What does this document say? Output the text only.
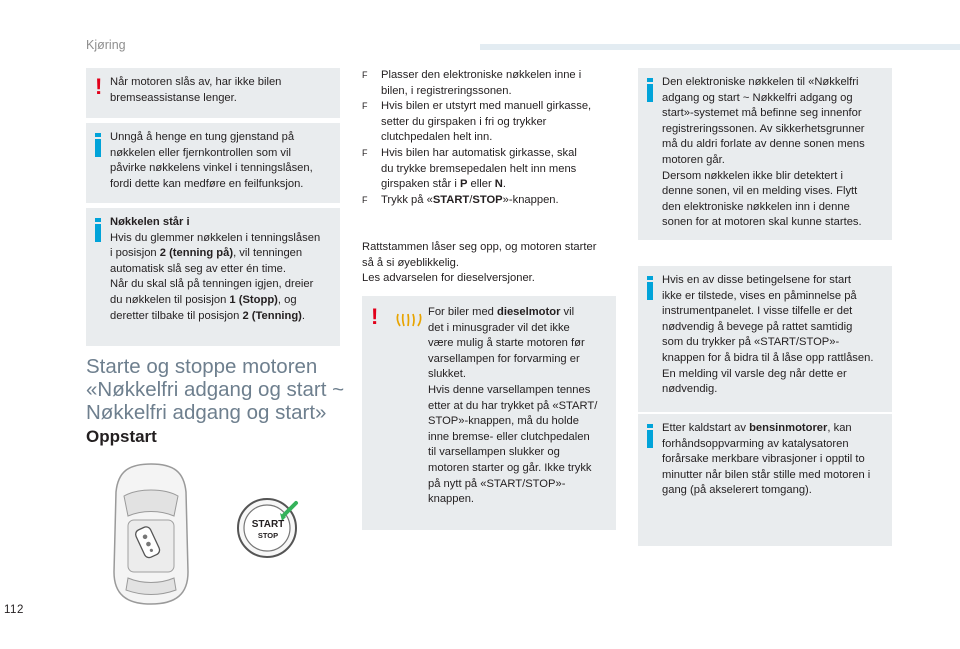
Kjøring
! Når motoren slås av, har ikke bilen

bremseassistanse lenger.

Unngå å henge en tung gjenstand på

nøkkelen eller fjernkontrollen som vil

påvirke nøkkelens vinkel i tenningslåsen,

fordi dette kan medføre en feilfunksjon.

Nøkkelen står i

Hvis du glemmer nøkkelen i tenningslåsen

i posisjon 2 (tenning på), vil tenningen

automatisk slå seg av etter én time.

Når du skal slå på tenningen igjen, dreier

du nøkkelen til posisjon 1 (Stopp), og

deretter tilbake til posisjon 2 (Tenning).

Starte og stoppe motoren
«Nøkkelfri adgang og start ~
Nøkkelfri adgang og start»
Oppstart
START
STOP
F Plasser den elektroniske nøkkelen inne i
bilen, i registreringssonen.
F Hvis bilen er utstyrt med manuell girkasse,
setter du girspaken i fri og trykker
clutchpedalen helt inn.
F Hvis bilen har automatisk girkasse, skal
du trykke bremsepedalen helt inn mens
girspaken står i P eller N.
F Trykk på «START/STOP»-knappen.
Rattstammen låser seg opp, og motoren starter
så å si øyeblikkelig.
Les advarselen for dieselversjoner.
!	For biler med dieselmotor vil

det i minusgrader vil det ikke

være mulig å starte motoren før

varsellampen for forvarming er

slukket.

Hvis denne varsellampen tennes

etter at du har trykket på «START/

STOP»-knappen, må du holde

inne bremse- eller clutchpedalen

til varsellampen slukker og

motoren starter og går. Ikke trykk

på nytt på «START/STOP»-

knappen.

Den elektroniske nøkkelen til «Nøkkelfri

adgang og start ~ Nøkkelfri adgang og

start»-systemet må befinne seg innenfor

registreringssonen. Av sikkerhetsgrunner

må du aldri forlate av denne sonen mens

motoren går.

Dersom nøkkelen ikke blir detektert i

denne sonen, vil en melding vises. Flytt

den elektroniske nøkkelen inn i denne

sonen for at motoren skal kunne startes.

Hvis en av disse betingelsene for start

ikke er tilstede, vises en påminnelse på

instrumentpanelet. I visse tilfelle er det

nødvendig å bevege på rattet samtidig

som du trykker på «START/STOP»-

knappen for å bidra til å låse opp rattlåsen.

En melding vil varsle deg når dette er

nødvendig.

Etter kaldstart av bensinmotorer, kan

forhåndsoppvarming av katalysatoren

forårsake merkbare vibrasjoner i opptil to

minutter når bilen står stille med motoren i

gang (på akselerert tomgang).

112
